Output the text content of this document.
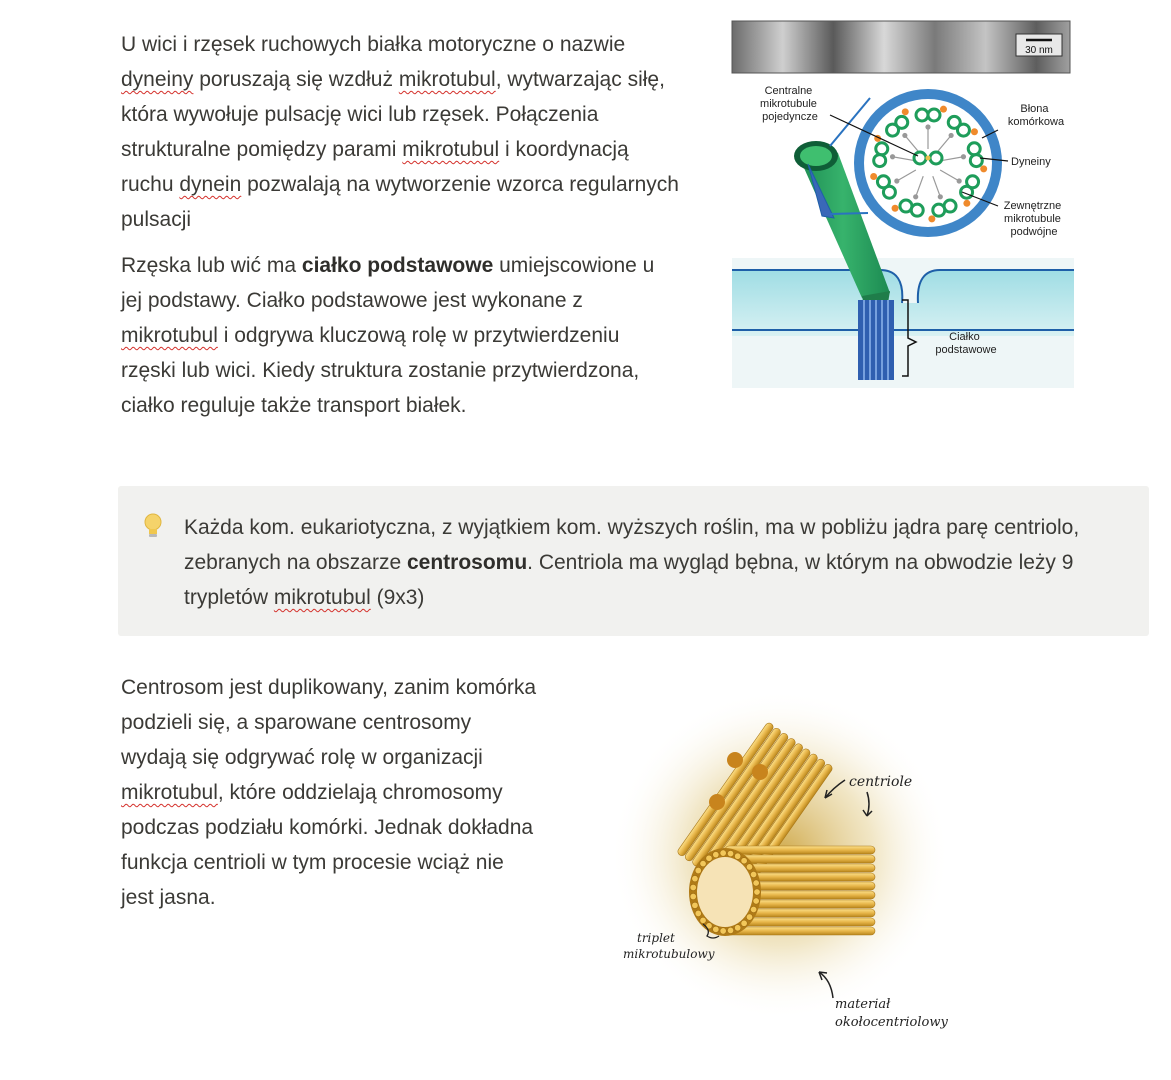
U wici i rzęsek ruchowych białka motoryczne o nazwie dyneiny poruszają się wzdłuż mikrotubul, wytwarzając siłę, która wywołuje pulsację wici lub rzęsek. Połączenia strukturalne pomiędzy parami mikrotubul i koordynacją ruchu dynein pozwalają na wytworzenie wzorca regularnych pulsacji

Rzęska lub wić ma ciałko podstawowe umiejscowione u jej podstawy. Ciałko podstawowe jest wykonane z mikrotubul i odgrywa kluczową rolę w przytwierdzeniu rzęski lub wici. Kiedy struktura zostanie przytwierdzona, ciałko reguluje także transport białek.

30 nm
Centralne mikrotubule pojedyncze
Błona komórkowa
Dyneiny
Zewnętrzne mikrotubule podwójne
Ciałko podstawowe
Każda kom. eukariotyczna, z wyjątkiem kom. wyższych roślin, ma w pobliżu jądra parę centriolo, zebranych na obszarze centrosomu. Centriola ma wygląd bębna, w którym na obwodzie leży 9 trypletów mikrotubul (9x3)

Centrosom jest duplikowany, zanim komórka podzieli się, a sparowane centrosomy wydają się odgrywać rolę w organizacji mikrotubul, które oddzielają chromosomy podczas podziału komórki. Jednak dokładna funkcja centrioli w tym procesie wciąż nie jest jasna.

centriole
triplet mikrotubulowy
materiał okołocentriolowy
